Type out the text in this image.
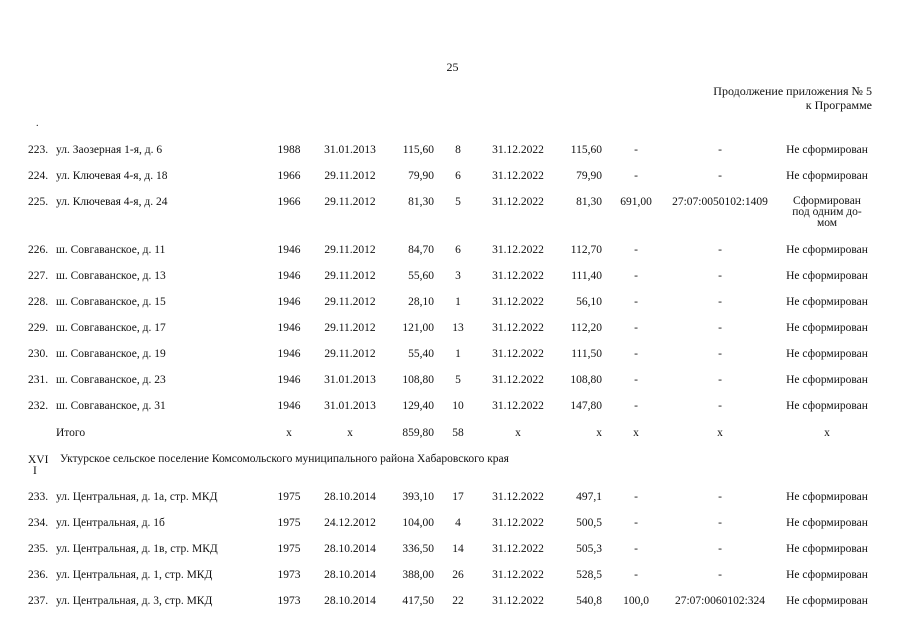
25
Продолжение приложения № 5
к Программе
.
223. ул. Заозерная 1-я, д. 6	1988	31.01.2013	115,60	8	31.12.2022	115,60	-	-	Не сформирован
224. ул. Ключевая 4-я, д. 18	1966	29.11.2012	79,90	6	31.12.2022	79,90	-	-	Не сформирован
225. ул. Ключевая 4-я, д. 24	1966	29.11.2012	81,30	5	31.12.2022	81,30	691,00	27:07:0050102:1409	Сформирован
под одним до-
мом
226. ш. Совгаванское, д. 11	1946	29.11.2012	84,70	6	31.12.2022	112,70	-	-	Не сформирован
227. ш. Совгаванское, д. 13	1946	29.11.2012	55,60	3	31.12.2022	111,40	-	-	Не сформирован
228. ш. Совгаванское, д. 15	1946	29.11.2012	28,10	1	31.12.2022	56,10	-	-	Не сформирован
229. ш. Совгаванское, д. 17	1946	29.11.2012	121,00	13	31.12.2022	112,20	-	-	Не сформирован
230. ш. Совгаванское, д. 19	1946	29.11.2012	55,40	1	31.12.2022	111,50	-	-	Не сформирован
231. ш. Совгаванское, д. 23	1946	31.01.2013	108,80	5	31.12.2022	108,80	-	-	Не сформирован
232. ш. Совгаванское, д. 31	1946	31.01.2013	129,40	10	31.12.2022	147,80	-	-	Не сформирован
Итого	x	x	859,80	58	x	x	x	x	x
XVI
I
Уктурское сельское поселение Комсомольского муниципального района Хабаровского края
233. ул. Центральная, д. 1а, стр. МКД	1975	28.10.2014	393,10	17	31.12.2022	497,1	-	-	Не сформирован
234. ул. Центральная, д. 1б	1975	24.12.2012	104,00	4	31.12.2022	500,5	-	-	Не сформирован
235. ул. Центральная, д. 1в, стр. МКД	1975	28.10.2014	336,50	14	31.12.2022	505,3	-	-	Не сформирован
236. ул. Центральная, д. 1, стр. МКД	1973	28.10.2014	388,00	26	31.12.2022	528,5	-	-	Не сформирован
237. ул. Центральная, д. 3, стр. МКД	1973	28.10.2014	417,50	22	31.12.2022	540,8	100,0	27:07:0060102:324	Не сформирован
